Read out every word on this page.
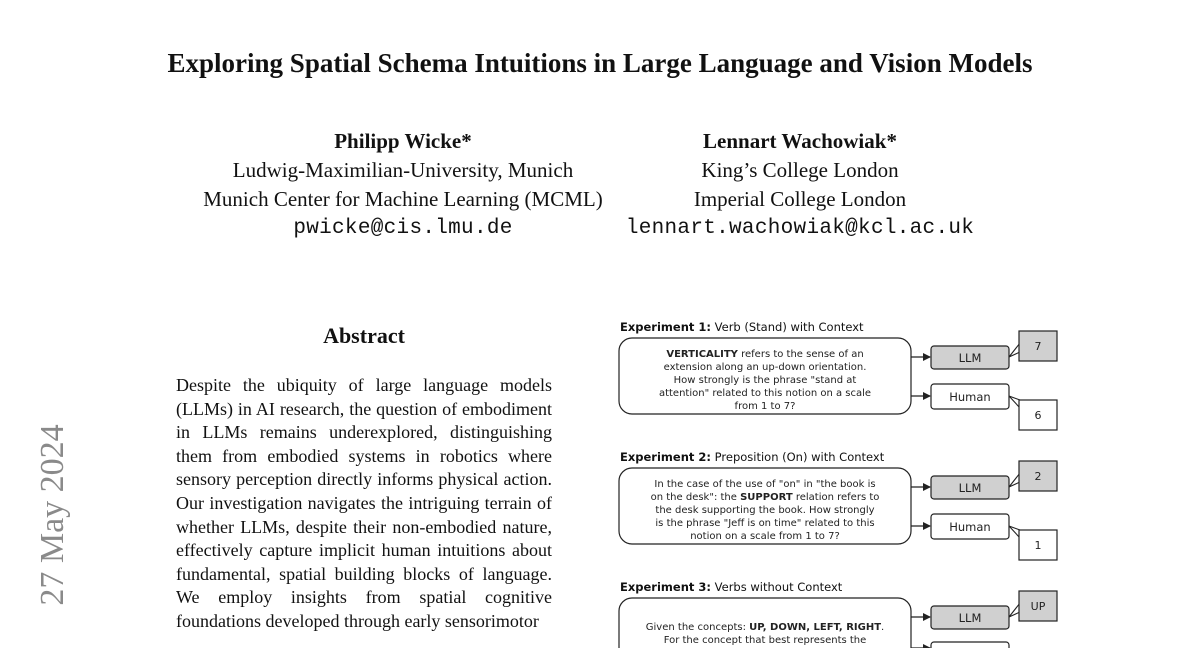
Exploring Spatial Schema Intuitions in Large Language and Vision Models
Philipp Wicke*
Ludwig-Maximilian-University, Munich
Munich Center for Machine Learning (MCML)
pwicke@cis.lmu.de
Lennart Wachowiak*
King’s College London
Imperial College London
lennart.wachowiak@kcl.ac.uk
27 May 2024
Abstract

Despite the ubiquity of large language models (LLMs) in AI research, the question of embodiment in LLMs remains underexplored, distinguishing them from embodied systems in robotics where sensory perception directly informs physical action. Our investigation navigates the intriguing terrain of whether LLMs, despite their non-embodied nature, effectively capture implicit human intuitions about fundamental, spatial building blocks of language. We employ insights from spatial cognitive foundations developed through early sensorimotor

Experiment 1: Verb (Stand) with Context
VERTICALITY refers to the sense of an
extension along an up-down orientation.
How strongly is the phrase "stand at
attention" related to this notion on a scale
from 1 to 7?
LLM
7
Human
6
Experiment 2: Preposition (On) with Context
In the case of the use of "on" in "the book is
on the desk": the SUPPORT relation refers to
the desk supporting the book. How strongly
is the phrase "Jeff is on time" related to this
notion on a scale from 1 to 7?
LLM
2
Human
1
Experiment 3: Verbs without Context
Given the concepts: UP, DOWN, LEFT, RIGHT.
For the concept that best represents the
LLM
UP
